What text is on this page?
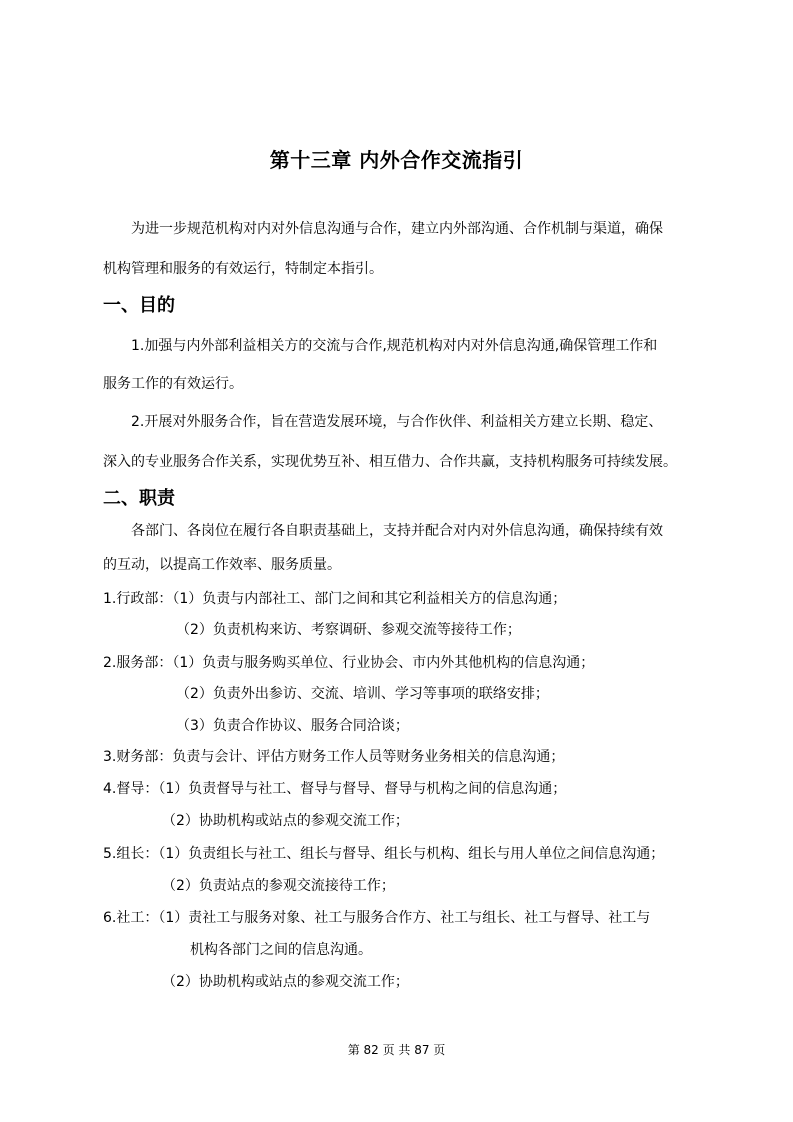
第十三章 内外合作交流指引
为进一步规范机构对内对外信息沟通与合作，建立内外部沟通、合作机制与渠道，确保
机构管理和服务的有效运行，特制定本指引。
一、目的
1.加强与内外部利益相关方的交流与合作,规范机构对内对外信息沟通,确保管理工作和
服务工作的有效运行。
2.开展对外服务合作，旨在营造发展环境，与合作伙伴、利益相关方建立长期、稳定、
深入的专业服务合作关系，实现优势互补、相互借力、合作共赢，支持机构服务可持续发展。
二、职责
各部门、各岗位在履行各自职责基础上，支持并配合对内对外信息沟通，确保持续有效
的互动，以提高工作效率、服务质量。
1.行政部：（1）负责与内部社工、部门之间和其它利益相关方的信息沟通；
（2）负责机构来访、考察调研、参观交流等接待工作；
2.服务部：（1）负责与服务购买单位、行业协会、市内外其他机构的信息沟通；
（2）负责外出参访、交流、培训、学习等事项的联络安排；
（3）负责合作协议、服务合同洽谈；
3.财务部：负责与会计、评估方财务工作人员等财务业务相关的信息沟通；
4.督导：（1）负责督导与社工、督导与督导、督导与机构之间的信息沟通；
（2）协助机构或站点的参观交流工作；
5.组长：（1）负责组长与社工、组长与督导、组长与机构、组长与用人单位之间信息沟通；
（2）负责站点的参观交流接待工作；
6.社工：（1）责社工与服务对象、社工与服务合作方、社工与组长、社工与督导、社工与
机构各部门之间的信息沟通。
（2）协助机构或站点的参观交流工作；
第 82 页 共 87 页
